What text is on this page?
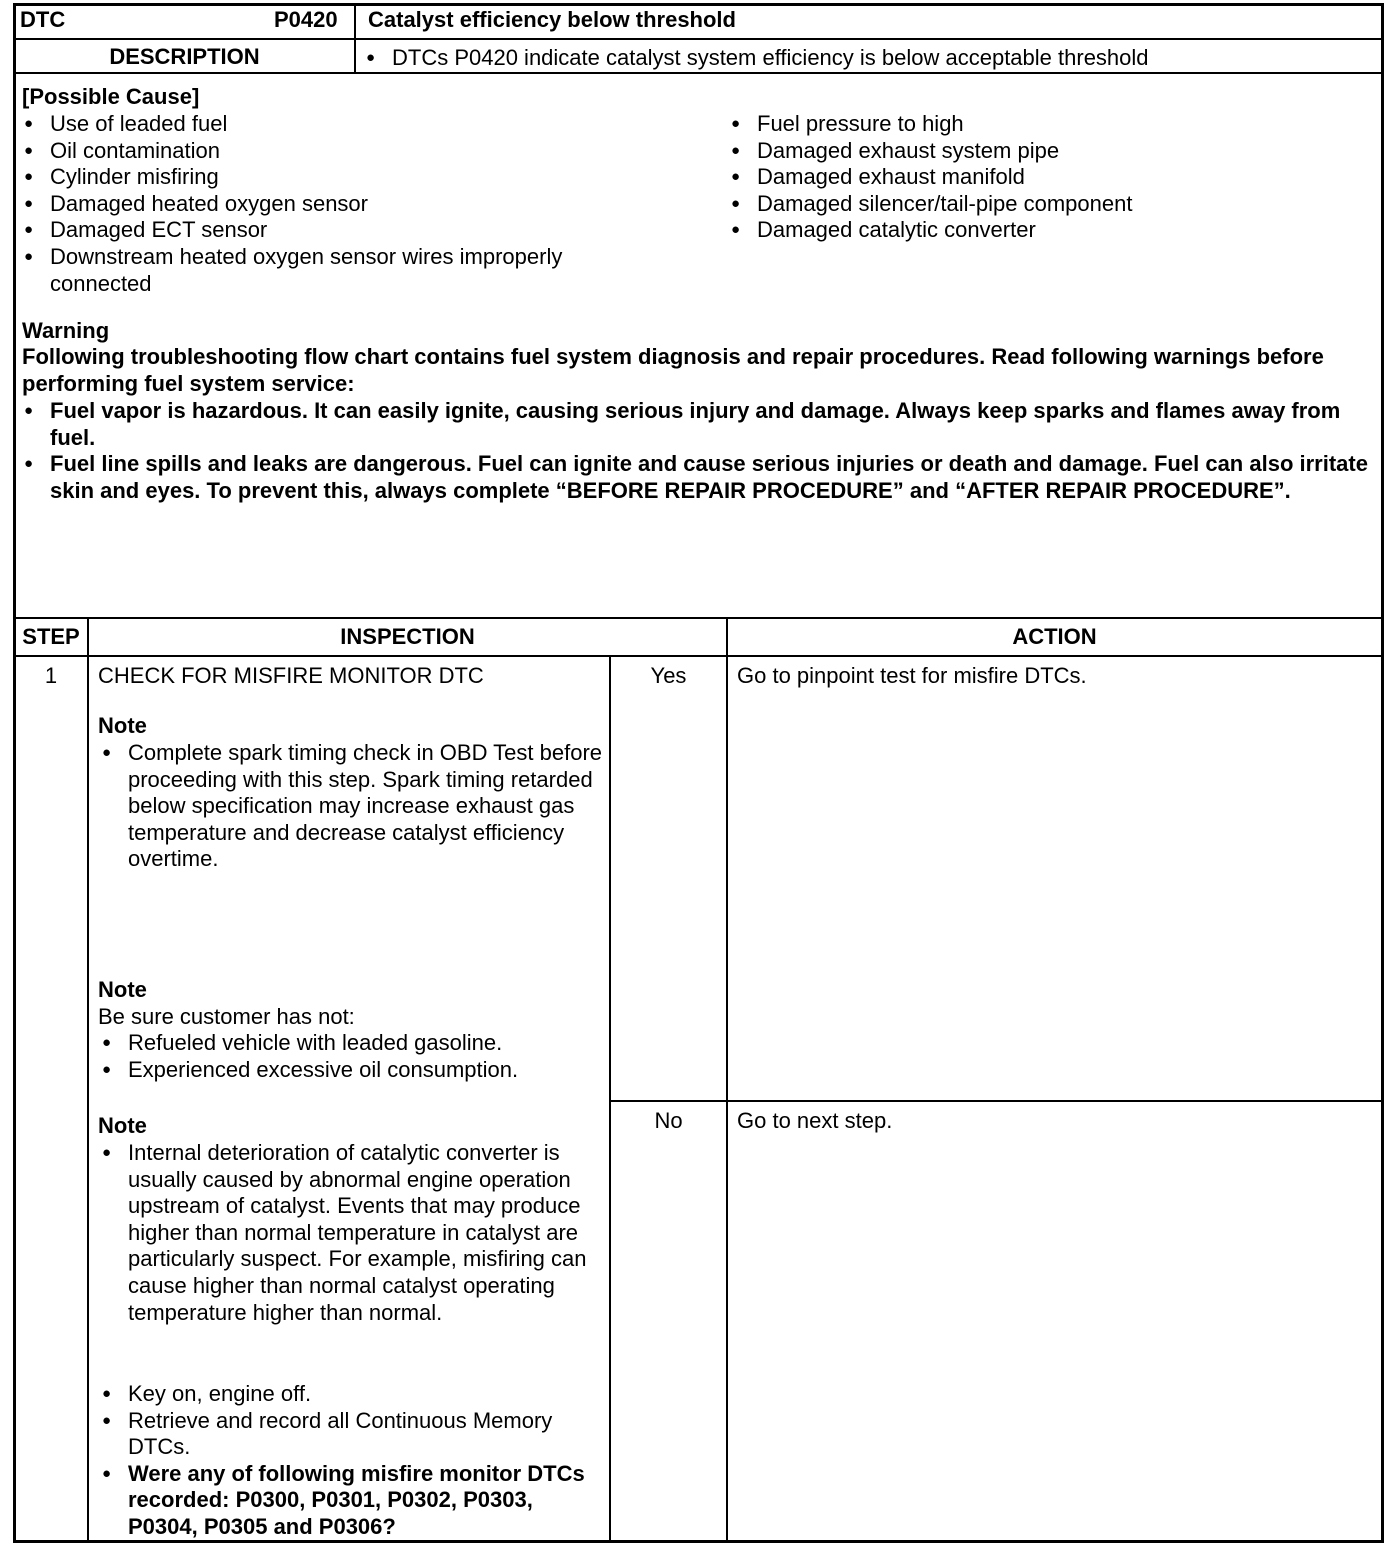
DTC	P0420 Catalyst efficiency below threshold
DESCRIPTION
●	DTCs P0420 indicate catalyst system efficiency is below acceptable threshold
[Possible Cause]
● Use of leaded fuel
● Oil contamination
● Cylinder misfiring
● Damaged heated oxygen sensor
● Damaged ECT sensor
● Downstream heated oxygen sensor wires improperly connected
● Fuel pressure to high
● Damaged exhaust system pipe
● Damaged exhaust manifold
● Damaged silencer/tail-pipe component
● Damaged catalytic converter
Warning
Following troubleshooting flow chart contains fuel system diagnosis and repair procedures. Read following warnings before performing fuel system service:
● Fuel vapor is hazardous. It can easily ignite, causing serious injury and damage. Always keep sparks and flames away from fuel.
● Fuel line spills and leaks are dangerous. Fuel can ignite and cause serious injuries or death and damage. Fuel can also irritate skin and eyes. To prevent this, always complete “BEFORE REPAIR PROCEDURE” and “AFTER REPAIR PROCEDURE”.
STEP	INSPECTION	ACTION
1	CHECK FOR MISFIRE MONITOR DTC
Note
● Complete spark timing check in OBD Test before proceeding with this step. Spark timing retarded below specification may increase exhaust gas temperature and decrease catalyst efficiency overtime.
Note
Be sure customer has not:
● Refueled vehicle with leaded gasoline.
● Experienced excessive oil consumption.
Note
● Internal deterioration of catalytic converter is usually caused by abnormal engine operation upstream of catalyst. Events that may produce higher than normal temperature in catalyst are particularly suspect. For example, misfiring can cause higher than normal catalyst operating temperature higher than normal.
● Key on, engine off.
● Retrieve and record all Continuous Memory DTCs.
● Were any of following misfire monitor DTCs recorded: P0300, P0301, P0302, P0303, P0304, P0305 and P0306?
Yes
No
Go to pinpoint test for misfire DTCs.
Go to next step.
